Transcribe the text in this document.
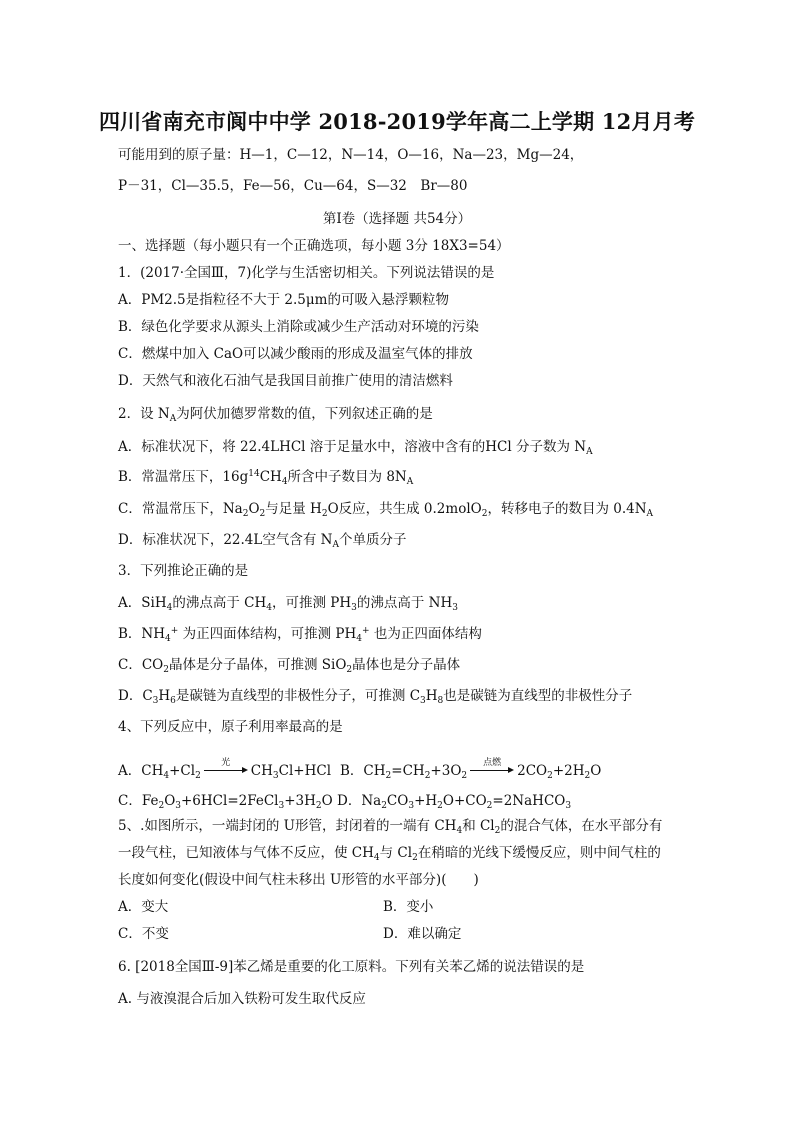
四川省南充市阆中中学 2018-2019学年高二上学期 12月月考
可能用到的原子量：H—1，C—12，N—14，O—16，Na—23，Mg—24，
P－31，Cl—35.5，Fe—56，Cu—64，S—32　Br—80
第Ⅰ卷（选择题 共54分）
一、选择题（每小题只有一个正确选项，每小题 3分 18X3=54）
1．(2017·全国Ⅲ，7)化学与生活密切相关。下列说法错误的是
A．PM2.5是指粒径不大于 2.5μm的可吸入悬浮颗粒物
B．绿色化学要求从源头上消除或减少生产活动对环境的污染
C．燃煤中加入 CaO可以减少酸雨的形成及温室气体的排放
D．天然气和液化石油气是我国目前推广使用的清洁燃料
2．设 $N_A$为阿伏加德罗常数的值，下列叙述正确的是
A．标准状况下，将 22.4LHCl 溶于足量水中，溶液中含有的HCl 分子数为 $N_A$
B．常温常压下，$16g^{14}CH_4$所含中子数目为 $8N_A$
C．常温常压下，$Na_2O_2$与足量 $H_2O$反应，共生成 0.2molO$_2$，转移电子的数目为 $0.4N_A$
D．标准状况下，22.4L空气含有 $N_A$个单质分子
3．下列推论正确的是
A．SiH$_4$的沸点高于 $CH_4$，可推测 $PH_3$的沸点高于 $NH_3$
B．$NH_4^+$ 为正四面体结构，可推测 $PH_4^+$ 也为正四面体结构
C．$CO_2$晶体是分子晶体，可推测 SiO$_2$晶体也是分子晶体
D．$C_3H_6$是碳链为直线型的非极性分子，可推测 $C_3H_8$也是碳链为直线型的非极性分子
4、下列反应中，原子利用率最高的是
A．$CH_4+Cl_2$
光	$CH_3Cl+HCl$ B．$CH_2=CH_2+3O_2$
点燃	$2CO_2+2H_2O$
C．$Fe_2O_3+6HCl=2FeCl_3+3H_2O$ D．$Na_2CO_3+H_2O+CO_2=2NaHCO_3$
5、.如图所示，一端封闭的 U形管，封闭着的一端有 $CH_4$和 $Cl_2$的混合气体，在水平部分有
一段气柱，已知液体与气体不反应，使 $CH_4$与 $Cl_2$在稍暗的光线下缓慢反应，则中间气柱的
长度如何变化(假设中间气柱未移出 U形管的水平部分)(　　)
A．变大	B．变小
C．不变	D．难以确定
6. [2018全国Ⅲ-9]苯乙烯是重要的化工原料。下列有关苯乙烯的说法错误的是
A. 与液溴混合后加入铁粉可发生取代反应
